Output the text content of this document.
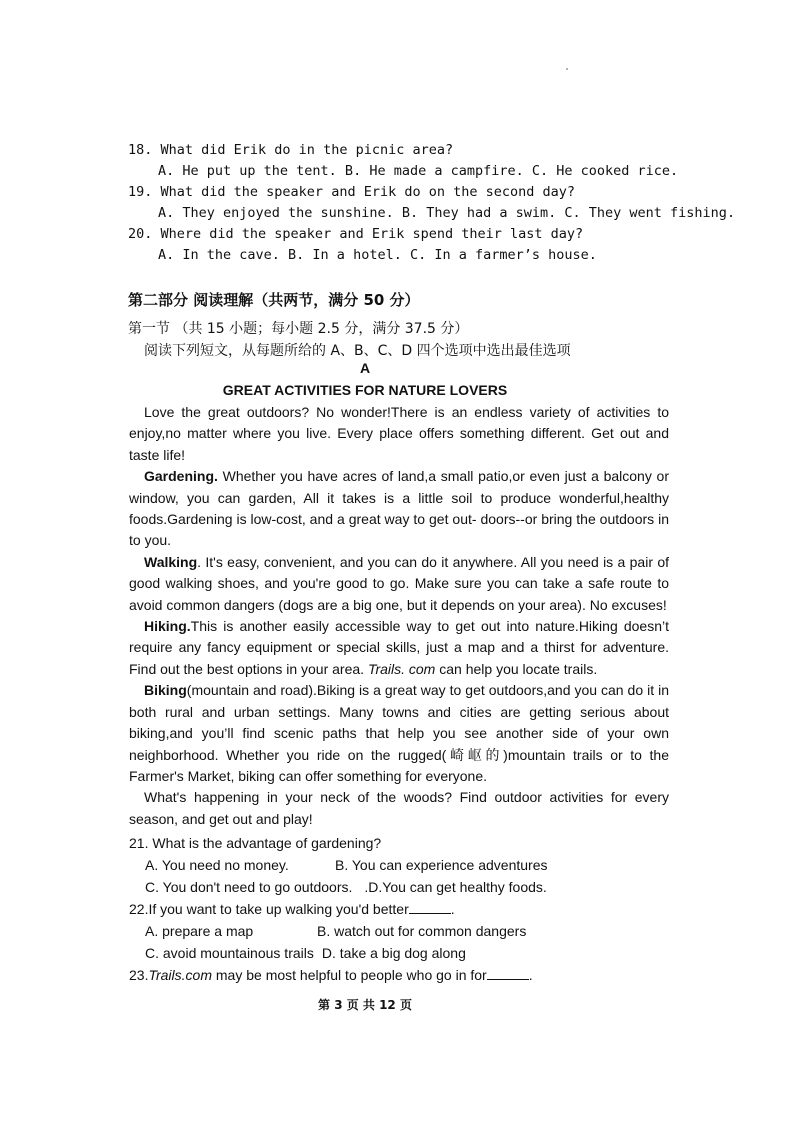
18. What did Erik do in the picnic area?
A. He put up the tent. B. He made a campfire. C. He cooked rice.
19. What did the speaker and Erik do on the second day?
A. They enjoyed the sunshine. B. They had a swim. C. They went fishing.
20. Where did the speaker and Erik spend their last day?
A. In the cave. B. In a hotel. C. In a farmer’s house.
第二部分 阅读理解（共两节，满分 50 分）
第一节 （共 15 小题；每小题 2.5 分，满分 37.5 分）
阅读下列短文，从每题所给的 A、B、C、D 四个选项中选出最佳选项
A
GREAT ACTIVITIES FOR NATURE LOVERS

Love the great outdoors? No wonder!There is an endless variety of activities to enjoy,no matter where you live. Every place offers something different. Get out and taste life!

Gardening. Whether you have acres of land,a small patio,or even just a balcony or window, you can garden, All it takes is a little soil to produce wonderful,healthy foods.Gardening is low-cost, and a great way to get out- doors--or bring the outdoors in to you.

Walking. It's easy, convenient, and you can do it anywhere. All you need is a pair of good walking shoes, and you're good to go. Make sure you can take a safe route to avoid common dangers (dogs are a big one, but it depends on your area). No excuses!

Hiking.This is another easily accessible way to get out into nature.Hiking doesn’t require any fancy equipment or special skills, just a map and a thirst for adventure. Find out the best options in your area. Trails. com can help you locate trails.

Biking(mountain and road).Biking is a great way to get outdoors,and you can do it in both rural and urban settings. Many towns and cities are getting serious about biking,and you’ll find scenic paths that help you see another side of your own neighborhood. Whether you ride on the rugged(崎岖的)mountain trails or to the Farmer's Market, biking can offer something for everyone.

What's happening in your neck of the woods? Find outdoor activities for every season, and get out and play!

21. What is the advantage of gardening?
A. You need no money.	B. You can experience adventures
C. You don't need to go outdoors. .D.You can get healthy foods.
22.If you want to take up walking you'd better	.
A. prepare a map	B. watch out for common dangers
C. avoid mountainous trails D. take a big dog along
23.Trails.com may be most helpful to people who go in for	.
第 3 页 共 12 页
